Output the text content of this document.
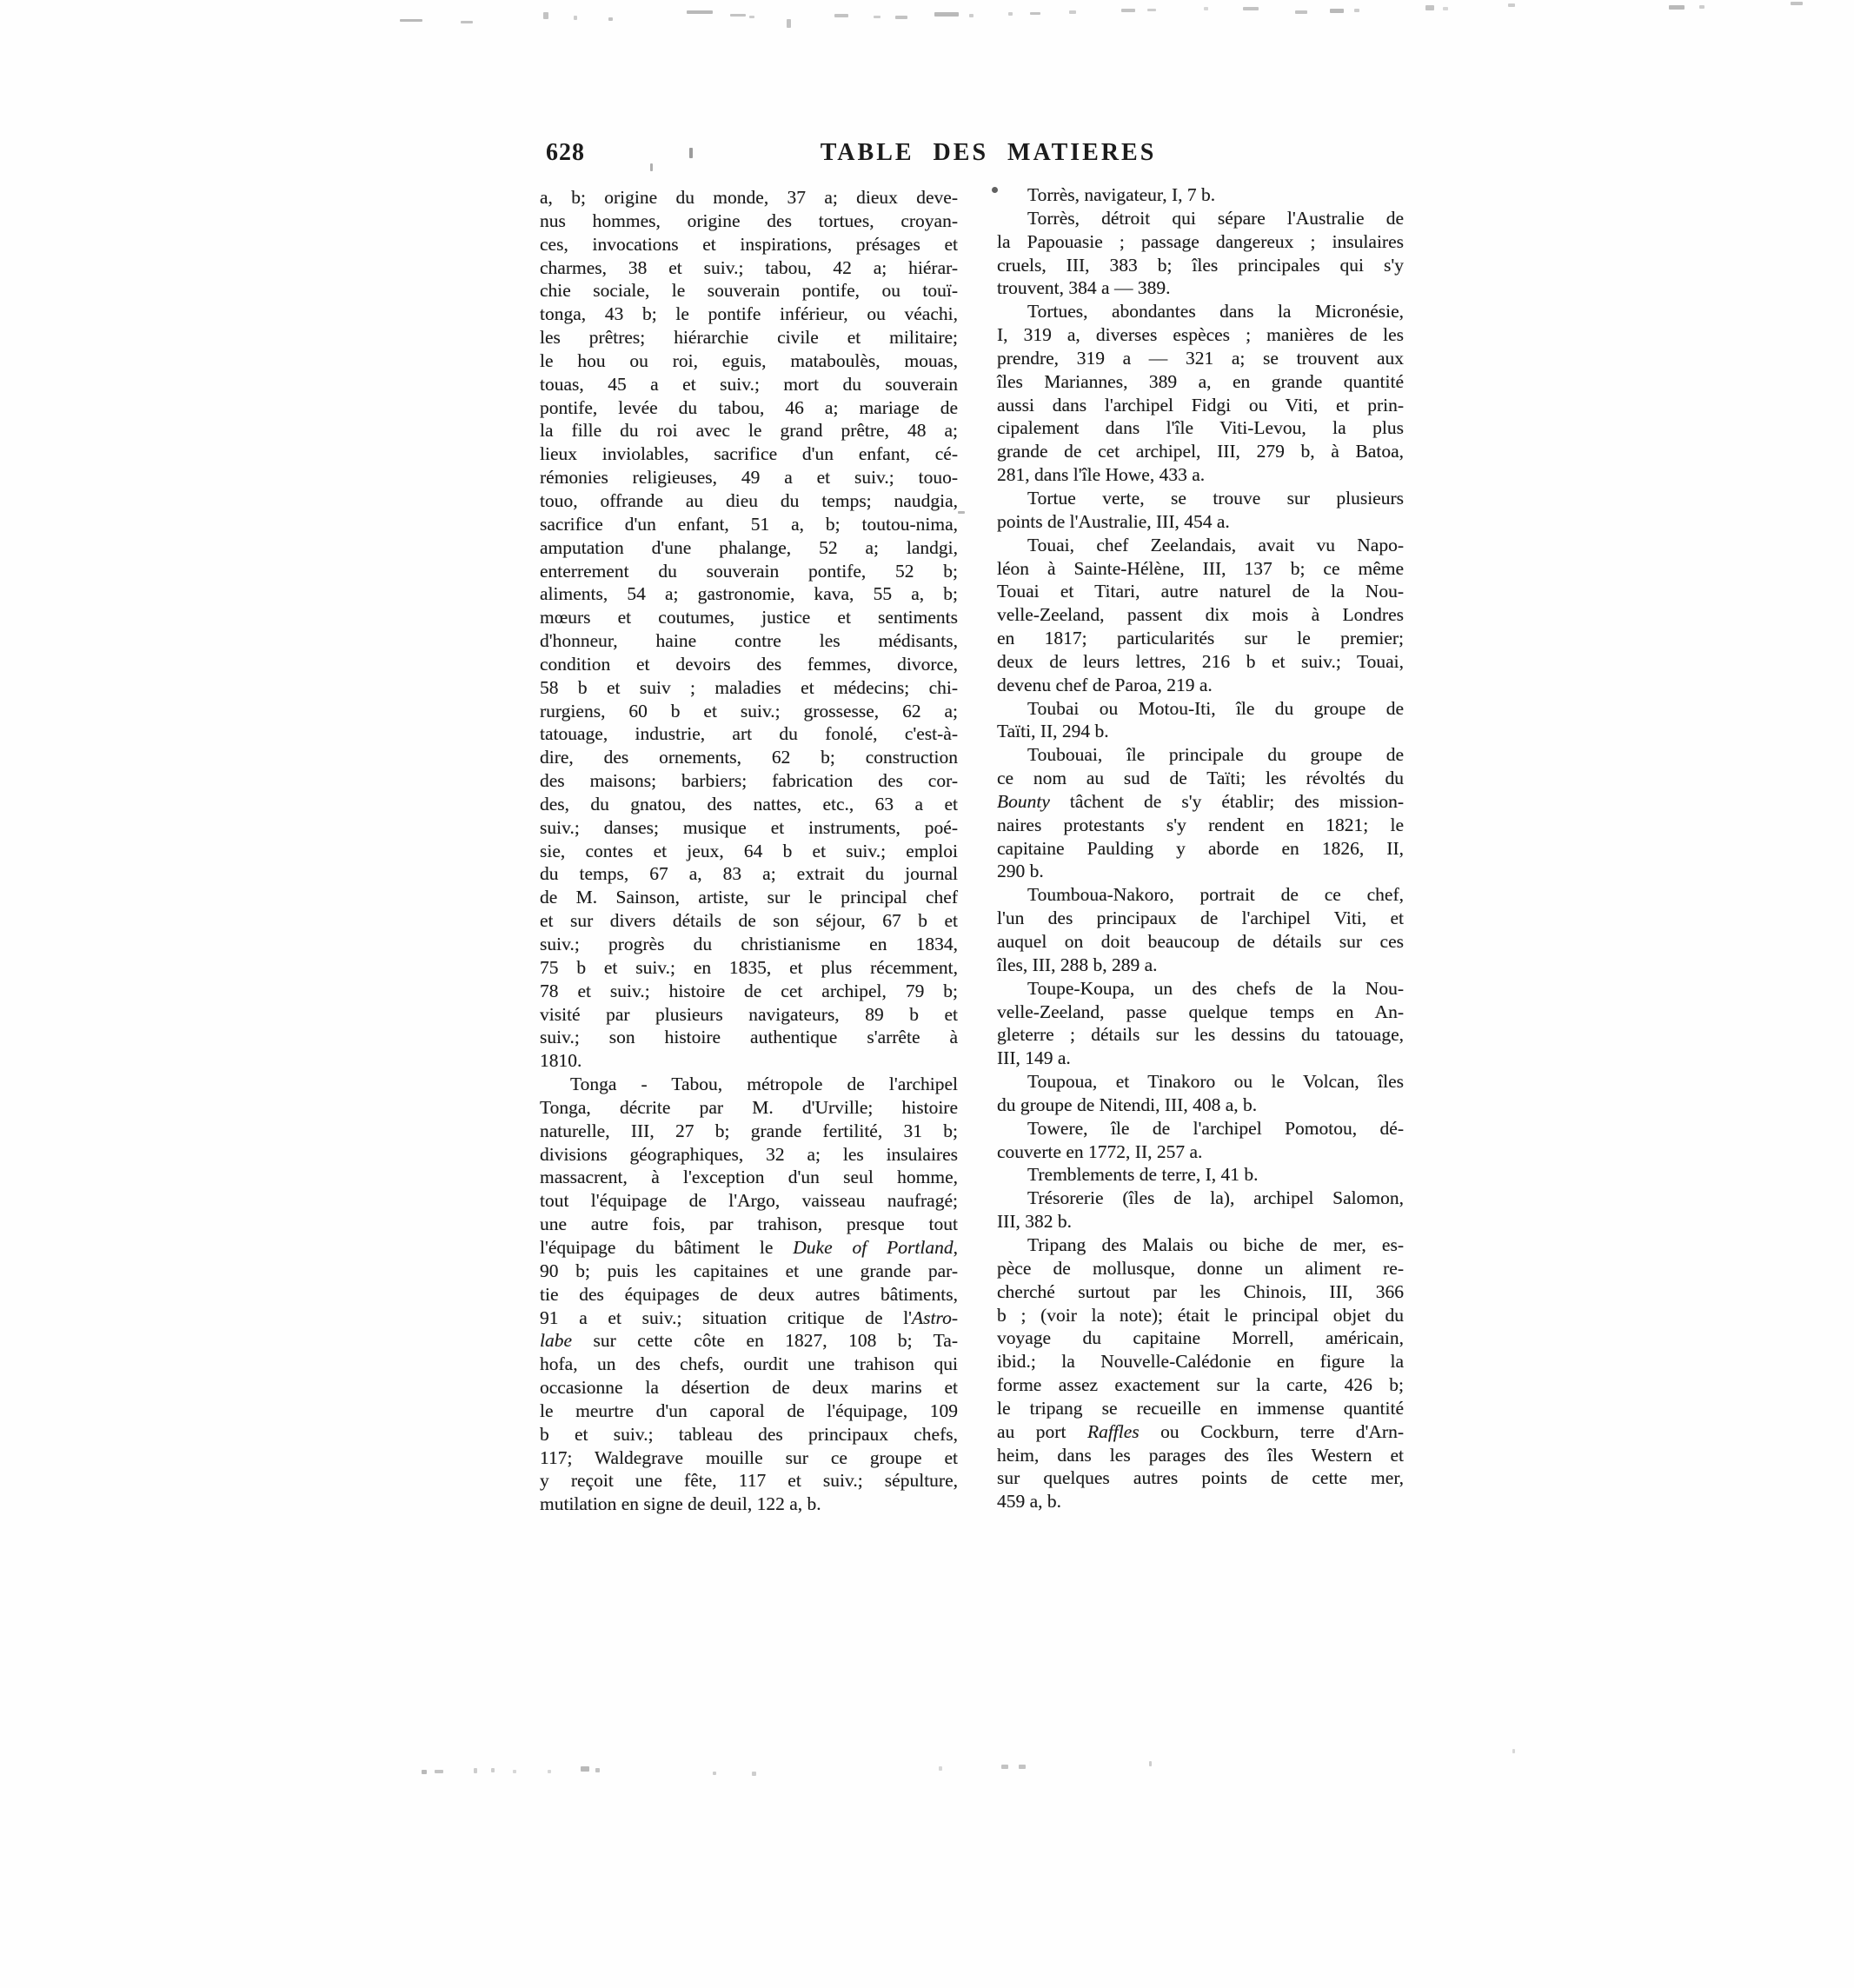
628	TABLE DES MATIERES
a, b; origine du monde, 37 a; dieux deve-
nus hommes, origine des tortues, croyan-
ces, invocations et inspirations, présages et
charmes, 38 et suiv.; tabou, 42 a; hiérar-
chie sociale, le souverain pontife, ou touï-
tonga, 43 b; le pontife inférieur, ou véachi,
les prêtres; hiérarchie civile et militaire;
le hou ou roi, eguis, mataboulès, mouas,
touas, 45 a et suiv.; mort du souverain
pontife, levée du tabou, 46 a; mariage de
la fille du roi avec le grand prêtre, 48 a;
lieux inviolables, sacrifice d'un enfant, cé-
rémonies religieuses, 49 a et suiv.; touo-
touo, offrande au dieu du temps; naudgia,
sacrifice d'un enfant, 51 a, b; toutou-nima,
amputation d'une phalange, 52 a; landgi,
enterrement du souverain pontife, 52 b;
aliments, 54 a; gastronomie, kava, 55 a, b;
mœurs et coutumes, justice et sentiments
d'honneur, haine contre les médisants,
condition et devoirs des femmes, divorce,
58 b et suiv ; maladies et médecins; chi-
rurgiens, 60 b et suiv.; grossesse, 62 a;
tatouage, industrie, art du fonolé, c'est-à-
dire, des ornements, 62 b; construction
des maisons; barbiers; fabrication des cor-
des, du gnatou, des nattes, etc., 63 a et
suiv.; danses; musique et instruments, poé-
sie, contes et jeux, 64 b et suiv.; emploi
du temps, 67 a, 83 a; extrait du journal
de M. Sainson, artiste, sur le principal chef
et sur divers détails de son séjour, 67 b et
suiv.; progrès du christianisme en 1834,
75 b et suiv.; en 1835, et plus récemment,
78 et suiv.; histoire de cet archipel, 79 b;
visité par plusieurs navigateurs, 89 b et
suiv.; son histoire authentique s'arrête à
1810.
Tonga - Tabou, métropole de l'archipel
Tonga, décrite par M. d'Urville; histoire
naturelle, III, 27 b; grande fertilité, 31 b;
divisions géographiques, 32 a; les insulaires
massacrent, à l'exception d'un seul homme,
tout l'équipage de l'Argo, vaisseau naufragé;
une autre fois, par trahison, presque tout
l'équipage du bâtiment le Duke of Portland,
90 b; puis les capitaines et une grande par-
tie des équipages de deux autres bâtiments,
91 a et suiv.; situation critique de l'Astro-
labe sur cette côte en 1827, 108 b; Ta-
hofa, un des chefs, ourdit une trahison qui
occasionne la désertion de deux marins et
le meurtre d'un caporal de l'équipage, 109
b et suiv.; tableau des principaux chefs,
117; Waldegrave mouille sur ce groupe et
y reçoit une fête, 117 et suiv.; sépulture,
mutilation en signe de deuil, 122 a, b.
Torrès, navigateur, I, 7 b.
Torrès, détroit qui sépare l'Australie de
la Papouasie ; passage dangereux ; insulaires
cruels, III, 383 b; îles principales qui s'y
trouvent, 384 a — 389.
Tortues, abondantes dans la Micronésie,
I, 319 a, diverses espèces ; manières de les
prendre, 319 a — 321 a; se trouvent aux
îles Mariannes, 389 a, en grande quantité
aussi dans l'archipel Fidgi ou Viti, et prin-
cipalement dans l'île Viti-Levou, la plus
grande de cet archipel, III, 279 b, à Batoa,
281, dans l'île Howe, 433 a.
Tortue verte, se trouve sur plusieurs
points de l'Australie, III, 454 a.
Touai, chef Zeelandais, avait vu Napo-
léon à Sainte-Hélène, III, 137 b; ce même
Touai et Titari, autre naturel de la Nou-
velle-Zeeland, passent dix mois à Londres
en 1817; particularités sur le premier;
deux de leurs lettres, 216 b et suiv.; Touai,
devenu chef de Paroa, 219 a.
Toubai ou Motou-Iti, île du groupe de
Taïti, II, 294 b.
Toubouai, île principale du groupe de
ce nom au sud de Taïti; les révoltés du
Bounty tâchent de s'y établir; des mission-
naires protestants s'y rendent en 1821; le
capitaine Paulding y aborde en 1826, II,
290 b.
Toumboua-Nakoro, portrait de ce chef,
l'un des principaux de l'archipel Viti, et
auquel on doit beaucoup de détails sur ces
îles, III, 288 b, 289 a.
Toupe-Koupa, un des chefs de la Nou-
velle-Zeeland, passe quelque temps en An-
gleterre ; détails sur les dessins du tatouage,
III, 149 a.
Toupoua, et Tinakoro ou le Volcan, îles
du groupe de Nitendi, III, 408 a, b.
Towere, île de l'archipel Pomotou, dé-
couverte en 1772, II, 257 a.
Tremblements de terre, I, 41 b.
Trésorerie (îles de la), archipel Salomon,
III, 382 b.
Tripang des Malais ou biche de mer, es-
pèce de mollusque, donne un aliment re-
cherché surtout par les Chinois, III, 366
b ; (voir la note); était le principal objet du
voyage du capitaine Morrell, américain,
ibid.; la Nouvelle-Calédonie en figure la
forme assez exactement sur la carte, 426 b;
le tripang se recueille en immense quantité
au port Raffles ou Cockburn, terre d'Arn-
heim, dans les parages des îles Western et
sur quelques autres points de cette mer,
459 a, b.
